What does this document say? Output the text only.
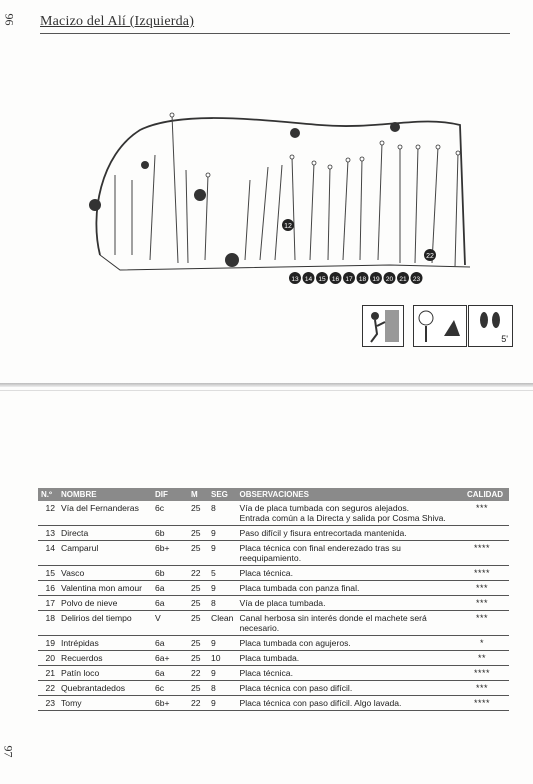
96 Macizo del Alí (Izquierda)
12
22
13 14 15 16 17 18 19 20 21 23
5'
N.º	NOMBRE	DIF	M	SEG	OBSERVACIONES	CALIDAD
12	Vía del Fernanderas	6c	25	8	Vía de placa tumbada con seguros alejados.
Entrada común a la Directa y salida por Cosma Shiva.	***
13	Directa	6b	25	9	Paso difícil y fisura entrecortada mantenida.	
14	Camparul	6b+	25	9	Placa técnica con final enderezado tras su reequipamiento.	****
15	Vasco	6b	22	5	Placa técnica.	****
16	Valentina mon amour	6a	25	9	Placa tumbada con panza final.	***
17	Polvo de nieve	6a	25	8	Vía de placa tumbada.	***
18	Delirios del tiempo	V	25	Clean	Canal herbosa sin interés donde el machete será necesario.	***
19	Intrépidas	6a	25	9	Placa tumbada con agujeros.	*
20	Recuerdos	6a+	25	10	Placa tumbada.	**
21	Patín loco	6a	22	9	Placa técnica.	****
22	Quebrantadedos	6c	25	8	Placa técnica con paso difícil.	***
23	Tomy	6b+	22	9	Placa técnica con paso difícil. Algo lavada.	****
97
